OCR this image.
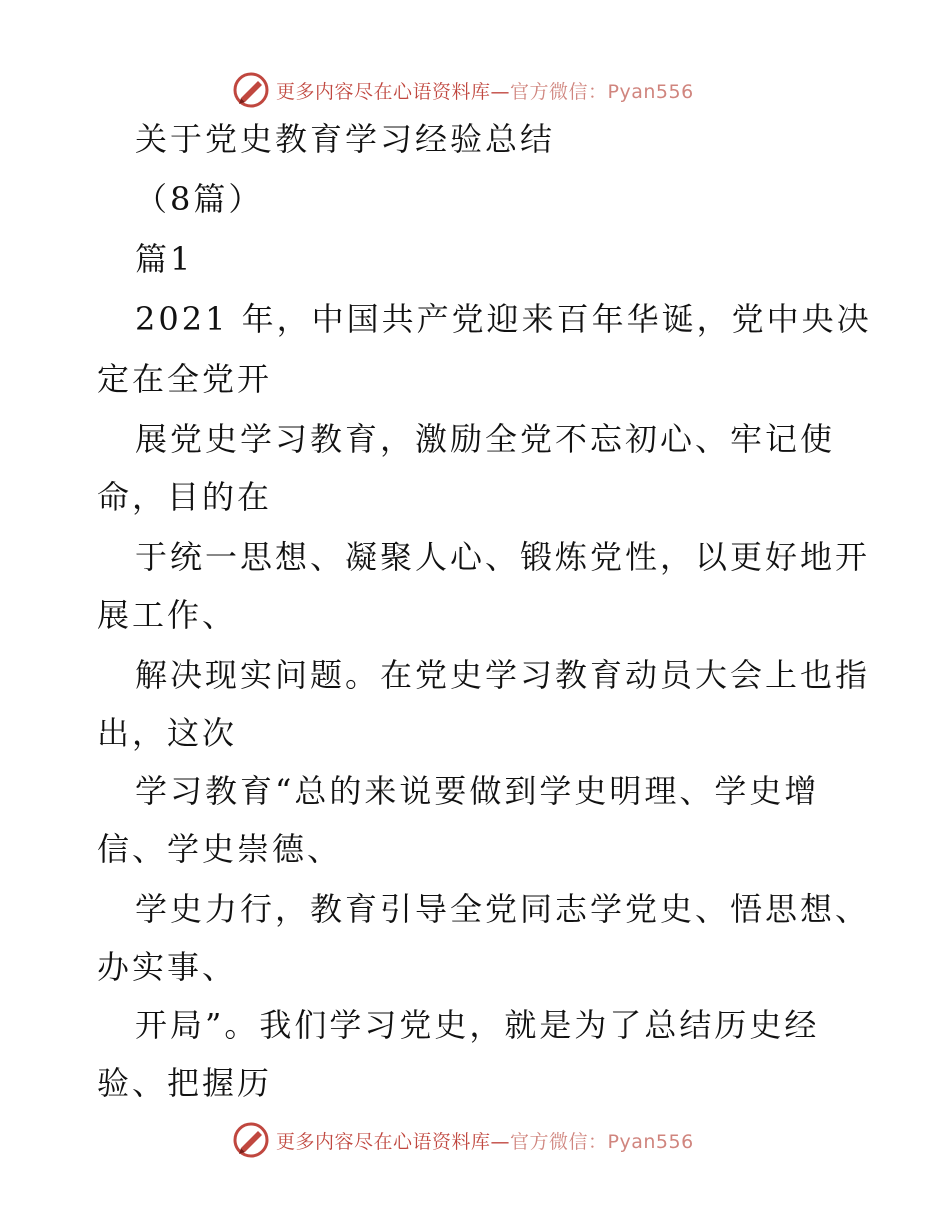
更多内容尽在心语资料库— 官方微信：Pyan556
关于党史教育学习经验总结
（8篇）
篇1
2021 年，中国共产党迎来百年华诞，党中央决
定在全党开
展党史学习教育，激励全党不忘初心、牢记使
命，目的在
于统一思想、凝聚人心、锻炼党性，以更好地开
展工作、
解决现实问题。在党史学习教育动员大会上也指
出，这次
学习教育“总的来说要做到学史明理、学史增
信、学史崇德、
学史力行，教育引导全党同志学党史、悟思想、
办实事、
开局”。我们学习党史，就是为了总结历史经
验、把握历
更多内容尽在心语资料库— 官方微信：Pyan556
